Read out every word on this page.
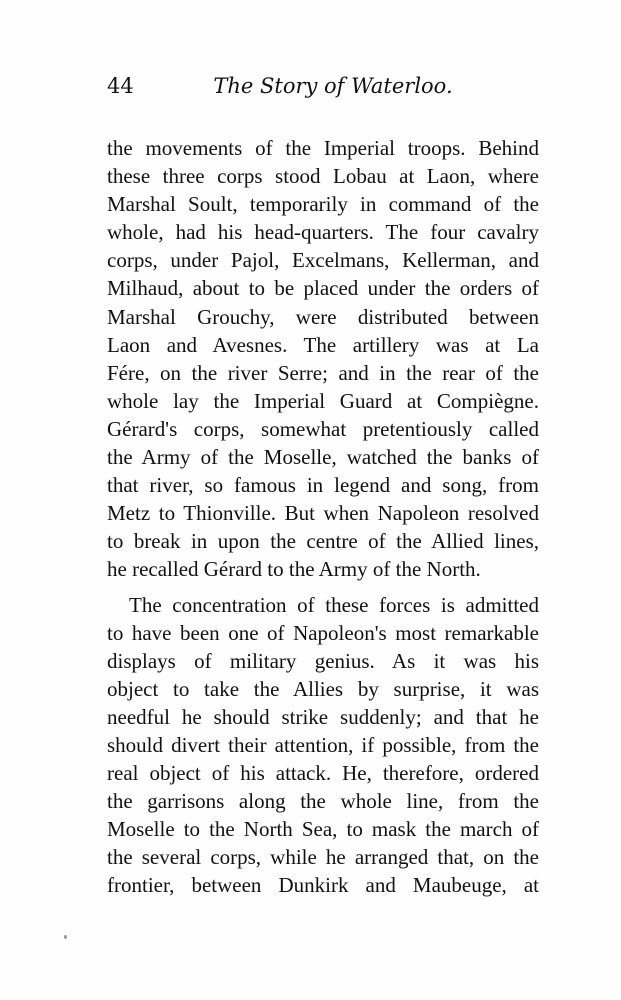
44	The Story of Waterloo.
the movements of the Imperial troops. Behind
these three corps stood Lobau at Laon, where
Marshal Soult, temporarily in command of the
whole, had his head-quarters. The four cavalry
corps, under Pajol, Excelmans, Kellerman, and
Milhaud, about to be placed under the orders of
Marshal Grouchy, were distributed between
Laon and Avesnes. The artillery was at La
Fére, on the river Serre; and in the rear of the
whole lay the Imperial Guard at Compiègne.
Gérard's corps, somewhat pretentiously called
the Army of the Moselle, watched the banks of
that river, so famous in legend and song, from
Metz to Thionville. But when Napoleon resolved
to break in upon the centre of the Allied lines,
he recalled Gérard to the Army of the North.
The concentration of these forces is admitted
to have been one of Napoleon's most remarkable
displays of military genius. As it was his
object to take the Allies by surprise, it was
needful he should strike suddenly; and that he
should divert their attention, if possible, from the
real object of his attack. He, therefore, ordered
the garrisons along the whole line, from the
Moselle to the North Sea, to mask the march of
the several corps, while he arranged that, on the
frontier, between Dunkirk and Maubeuge, at
